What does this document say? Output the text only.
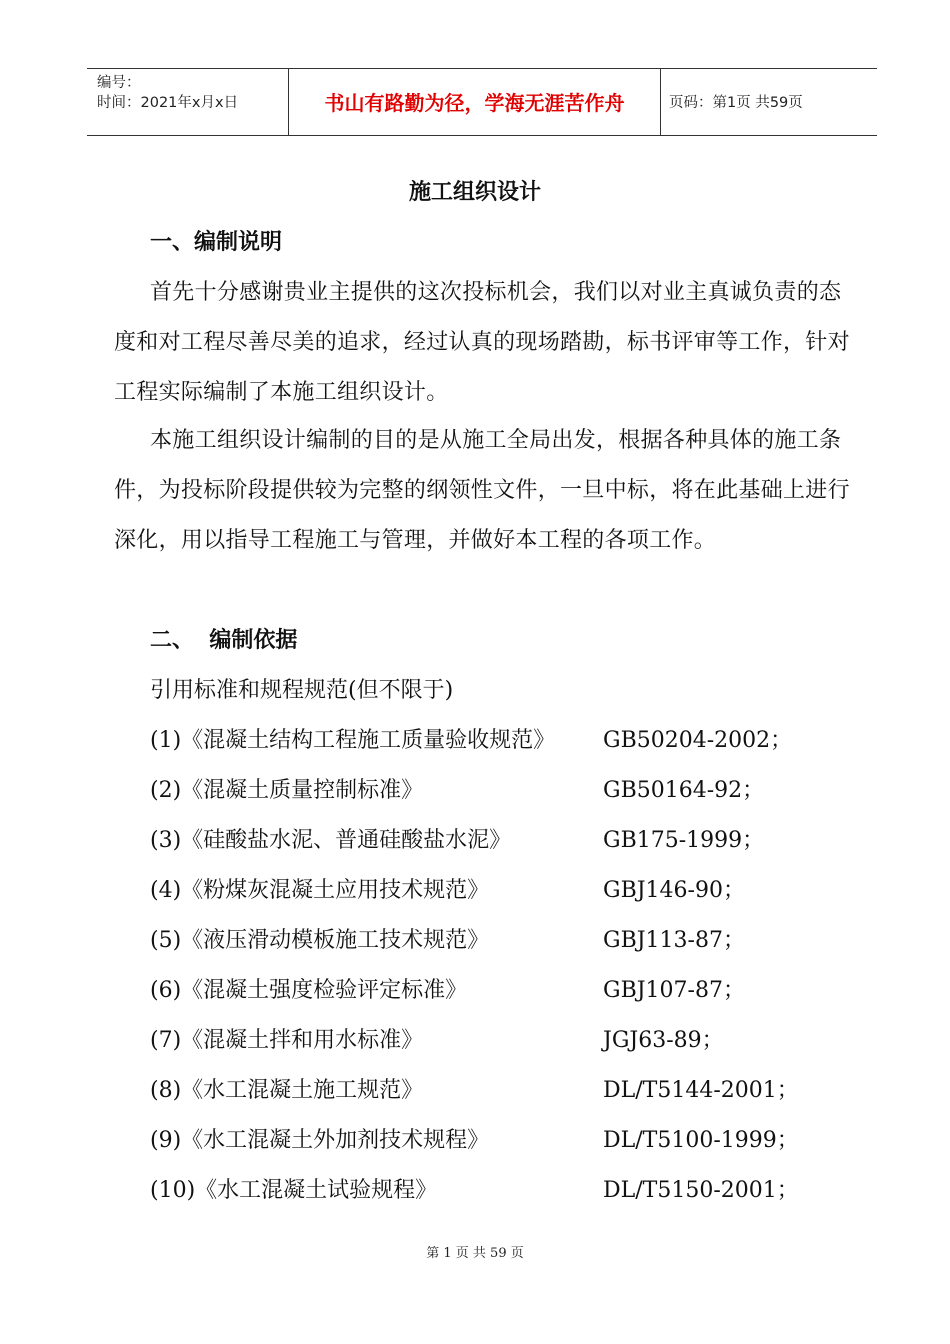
编号：
时间：2021年x月x日	书山有路勤为径，学海无涯苦作舟	页码：第1页 共59页
施工组织设计
一、编制说明

首先十分感谢贵业主提供的这次投标机会，我们以对业主真诚负责的态度和对工程尽善尽美的追求，经过认真的现场踏勘，标书评审等工作，针对工程实际编制了本施工组织设计。

本施工组织设计编制的目的是从施工全局出发，根据各种具体的施工条件，为投标阶段提供较为完整的纲领性文件，一旦中标，将在此基础上进行深化，用以指导工程施工与管理，并做好本工程的各项工作。

二、  编制依据
引用标准和规程规范(但不限于)
(1)《混凝土结构工程施工质量验收规范》 GB50204-2002；
(2)《混凝土质量控制标准》	GB50164-92；
(3)《硅酸盐水泥、普通硅酸盐水泥》	GB175-1999；
(4)《粉煤灰混凝土应用技术规范》	GBJ146-90；
(5)《液压滑动模板施工技术规范》	GBJ113-87；
(6)《混凝土强度检验评定标准》	GBJ107-87；
(7)《混凝土拌和用水标准》	JGJ63-89；
(8)《水工混凝土施工规范》	DL/T5144-2001；
(9)《水工混凝土外加剂技术规程》	DL/T5100-1999；
(10)《水工混凝土试验规程》	DL/T5150-2001；
第 1 页 共 59 页
